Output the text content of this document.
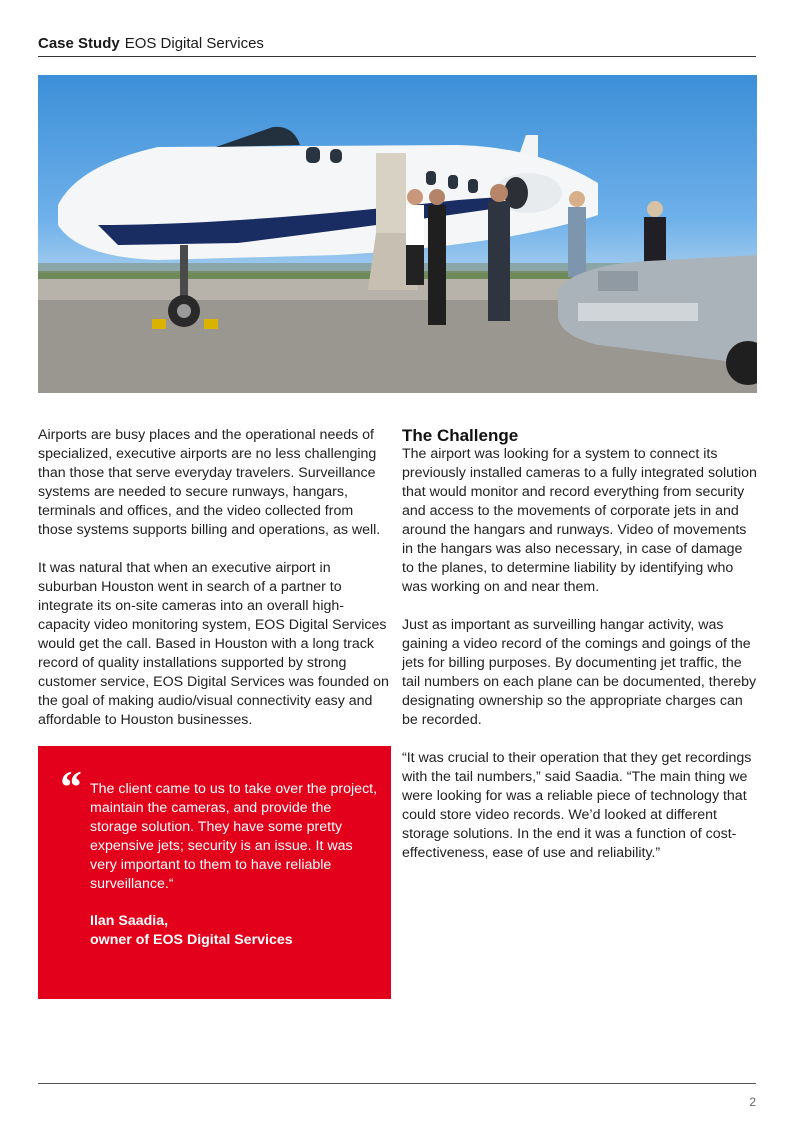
Case Study EOS Digital Services

Airports are busy places and the operational needs of specialized, executive airports are no less challenging than those that serve everyday travelers. Surveillance systems are needed to secure runways, hangars, terminals and offices, and the video collected from those systems supports billing and operations, as well.

It was natural that when an executive airport in suburban Houston went in search of a partner to integrate its on-site cameras into an overall high-capacity video monitoring system, EOS Digital Services would get the call. Based in Houston with a long track record of quality installations supported by strong customer service, EOS Digital Services was founded on the goal of making audio/visual connectivity easy and affordable to Houston businesses.

“ The client came to us to take over the project, maintain the cameras, and provide the storage solution. They have some pretty expensive jets; security is an issue. It was very important to them to have reliable surveillance.“
Ilan Saadia,
owner of EOS Digital Services
The Challenge

The airport was looking for a system to connect its previously installed cameras to a fully integrated solution that would monitor and record everything from security and access to the movements of corporate jets in and around the hangars and runways. Video of movements in the hangars was also necessary, in case of damage to the planes, to determine liability by identifying who was working on and near them.

Just as important as surveilling hangar activity, was gaining a video record of the comings and goings of the jets for billing purposes. By documenting jet traffic, the tail numbers on each plane can be documented, thereby designating ownership so the appropriate charges can be recorded.

“It was crucial to their operation that they get recordings with the tail numbers,” said Saadia. “The main thing we were looking for was a reliable piece of technology that could store video records. We’d looked at different storage solutions. In the end it was a function of cost-effectiveness, ease of use and reliability.”

2
